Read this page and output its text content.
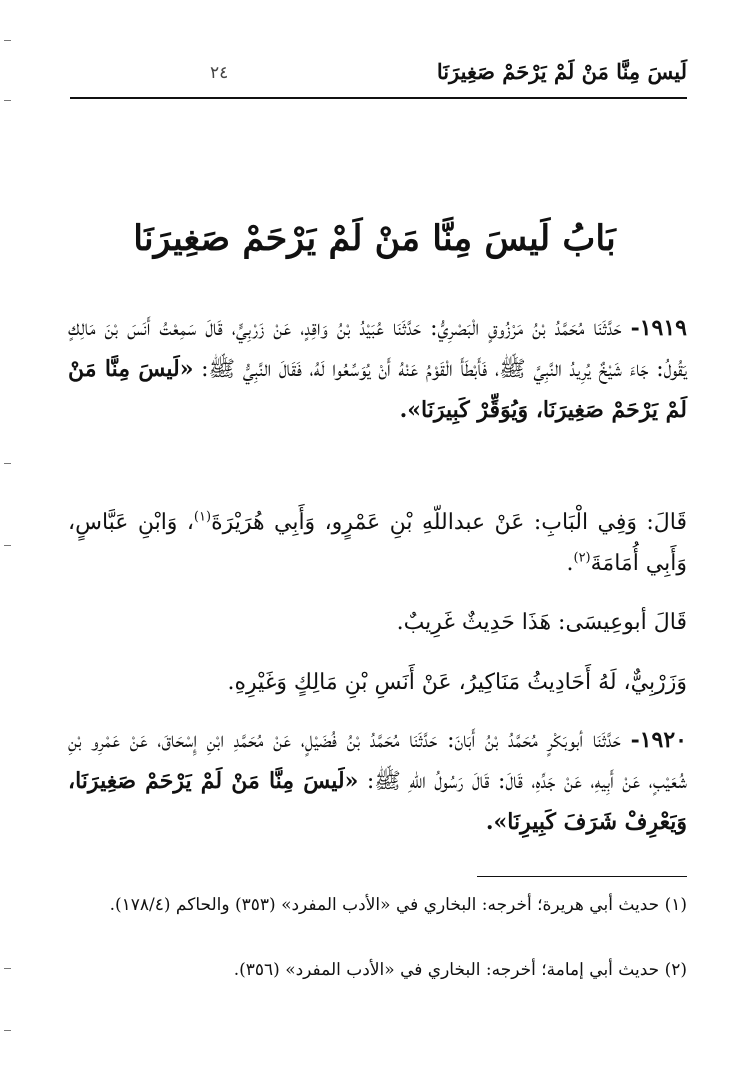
لَيسَ مِنَّا مَنْ لَمْ يَرْحَمْ صَغِيرَنَا
٢٤
بَابُ لَيسَ مِنَّا مَنْ لَمْ يَرْحَمْ صَغِيرَنَا

١٩١٩- حَدَّثَنَا مُحَمَّدُ بْنُ مَرْزُوقٍ الْبَصْرِيُّ: حَدَّثَنَا عُبَيْدُ بْنُ وَاقِدٍ، عَنْ زَرْبِيٍّ، قَالَ سَمِعْتُ أَنَسَ بْنَ مَالِكٍ يَقُولُ: جَاءَ شَيْخٌ يُرِيدُ النَّبِيَّ ﷺ، فَأَبْطَأَ الْقَوْمُ عَنْهُ أَنْ يُوَسِّعُوا لَهُ، فَقَالَ النَّبِيُّ ﷺ: «لَيسَ مِنَّا مَنْ لَمْ يَرْحَمْ صَغِيرَنَا، وَيُوَقِّرْ كَبِيرَنَا».

قَالَ: وَفِي الْبَابِ: عَنْ عبداللّهِ بْنِ عَمْرٍو، وَأَبِي هُرَيْرَةَ$^{(١)}$، وَابْنِ عَبَّاسٍ، وَأَبِي أُمَامَةَ$^{(٢)}$.

قَالَ أبوعِيسَى: هَذَا حَدِيثٌ غَرِيبٌ.

وَزَرْبِيٌّ، لَهُ أَحَادِيثُ مَنَاكِيرُ، عَنْ أَنَسِ بْنِ مَالِكٍ وَغَيْرِهِ.

١٩٢٠- حَدَّثَنَا أبوبَكْرٍ مُحَمَّدُ بْنُ أَبَانَ: حَدَّثَنَا مُحَمَّدُ بْنُ فُضَيْلٍ، عَنْ مُحَمَّدِ ابْنِ إِسْحَاقَ، عَنْ عَمْرِو بْنِ شُعَيْبٍ، عَنْ أَبِيهِ، عَنْ جَدِّهِ، قَالَ: قَالَ رَسُولُ اللّهِ ﷺ: «لَيسَ مِنَّا مَنْ لَمْ يَرْحَمْ صَغِيرَنَا، وَيَعْرِفْ شَرَفَ كَبِيرِنَا».

(١) حديث أبي هريرة؛ أخرجه: البخاري في «الأدب المفرد» (٣٥٣) والحاكم (١٧٨/٤).

(٢) حديث أبي إمامة؛ أخرجه: البخاري في «الأدب المفرد» (٣٥٦).
